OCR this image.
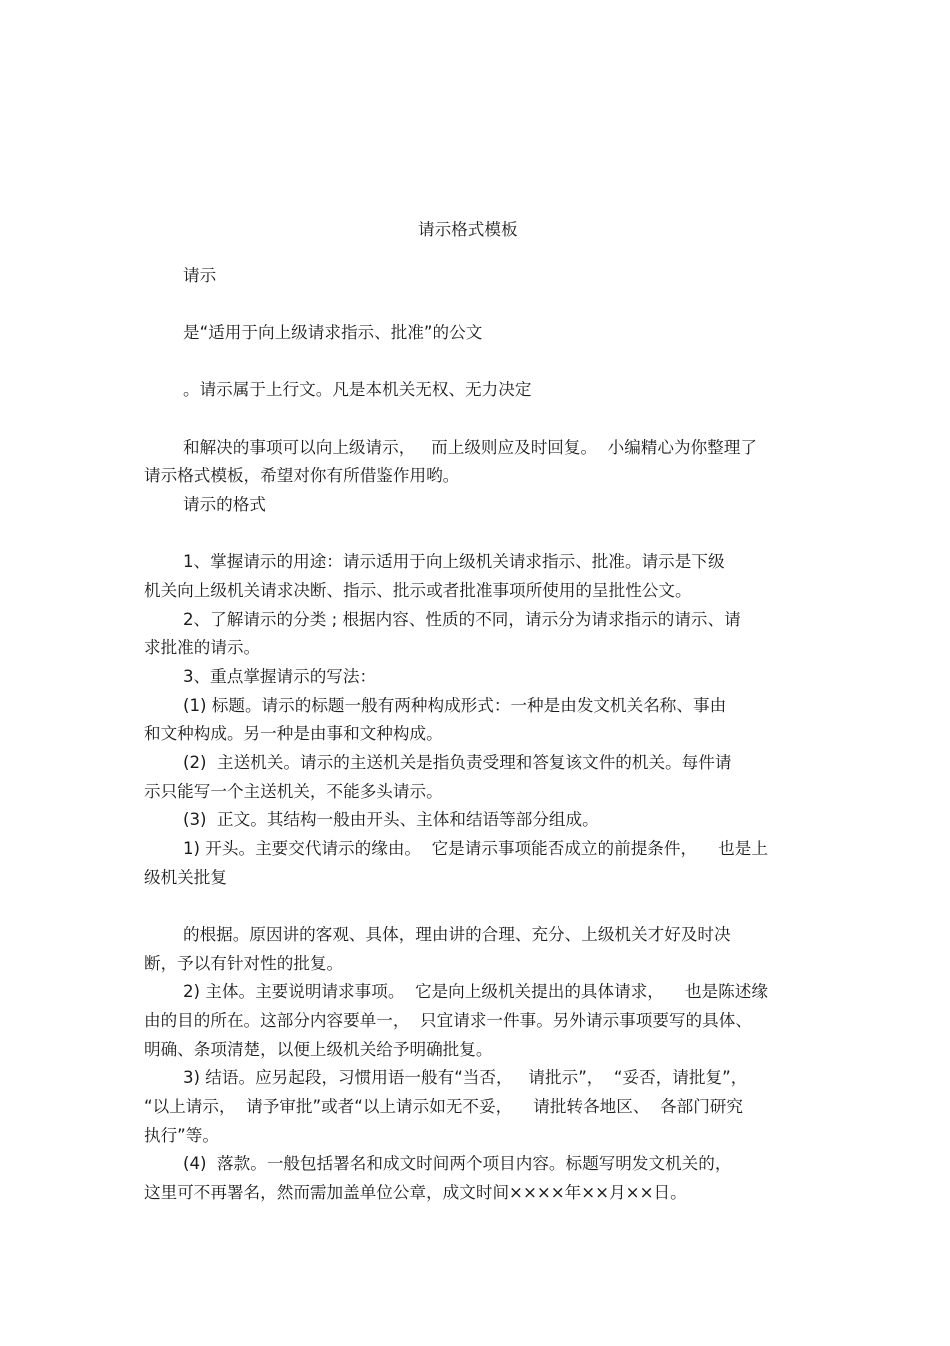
请示格式模板
请示
是“适用于向上级请求指示、批准”的公文
。请示属于上行文。凡是本机关无权、无力决定
和解决的事项可以向上级请示，   而上级则应及时回复。  小编精心为你整理了
请示格式模板，希望对你有所借鉴作用哟。
请示的格式
1、掌握请示的用途：请示适用于向上级机关请求指示、批准。请示是下级
机关向上级机关请求决断、指示、批示或者批准事项所使用的呈批性公文。
2、了解请示的分类 ; 根据内容、性质的不同，请示分为请求指示的请示、请
求批准的请示。
3、重点掌握请示的写法：
(1) 标题。请示的标题一般有两种构成形式：一种是由发文机关名称、事由
和文种构成。另一种是由事和文种构成。
(2)  主送机关。请示的主送机关是指负责受理和答复该文件的机关。每件请
示只能写一个主送机关，不能多头请示。
(3)  正文。其结构一般由开头、主体和结语等部分组成。
1) 开头。主要交代请示的缘由。  它是请示事项能否成立的前提条件，    也是上
级机关批复
的根据。原因讲的客观、具体，理由讲的合理、充分、上级机关才好及时决
断，予以有针对性的批复。
2) 主体。主要说明请求事项。  它是向上级机关提出的具体请求，    也是陈述缘
由的目的所在。这部分内容要单一，  只宜请求一件事。另外请示事项要写的具体、
明确、条项清楚，以便上级机关给予明确批复。
3) 结语。应另起段，习惯用语一般有“当否，   请批示”，  “妥否，请批复”，
“以上请示，  请予审批”或者“以上请示如无不妥，    请批转各地区、  各部门研究
执行”等。
(4)  落款。一般包括署名和成文时间两个项目内容。标题写明发文机关的，
这里可不再署名，然而需加盖单位公章，成文时间××××年××月××日。
